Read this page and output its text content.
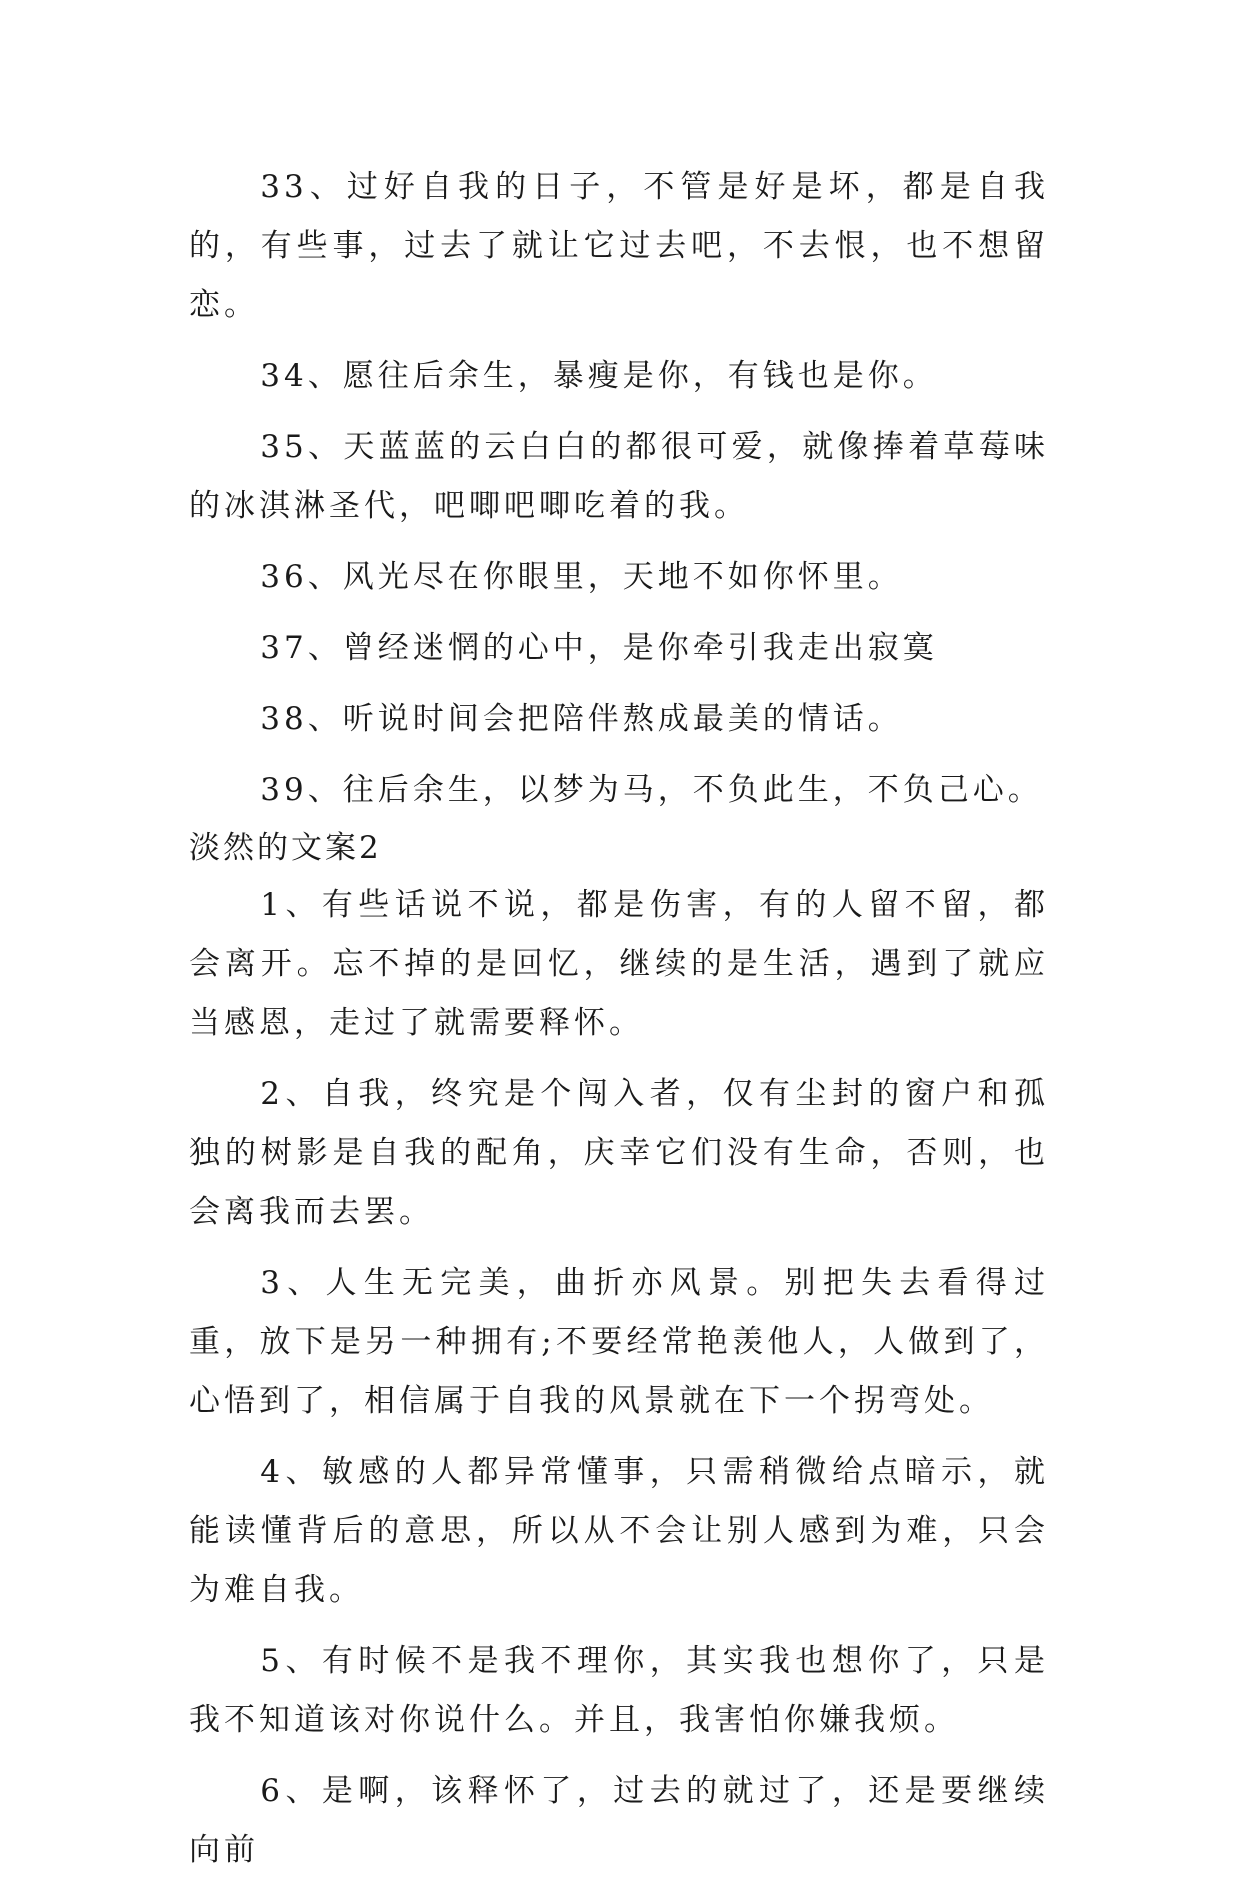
33、过好自我的日子，不管是好是坏，都是自我的，有些事，过去了就让它过去吧，不去恨，也不想留恋。

34、愿往后余生，暴瘦是你，有钱也是你。

35、天蓝蓝的云白白的都很可爱，就像捧着草莓味的冰淇淋圣代，吧唧吧唧吃着的我。

36、风光尽在你眼里，天地不如你怀里。

37、曾经迷惘的心中，是你牵引我走出寂寞

38、听说时间会把陪伴熬成最美的情话。

39、往后余生，以梦为马，不负此生，不负己心。

淡然的文案2

1、有些话说不说，都是伤害，有的人留不留，都会离开。忘不掉的是回忆，继续的是生活，遇到了就应当感恩，走过了就需要释怀。

2、自我，终究是个闯入者，仅有尘封的窗户和孤独的树影是自我的配角，庆幸它们没有生命，否则，也会离我而去罢。

3、人生无完美，曲折亦风景。别把失去看得过重，放下是另一种拥有;不要经常艳羡他人，人做到了，心悟到了，相信属于自我的风景就在下一个拐弯处。

4、敏感的人都异常懂事，只需稍微给点暗示，就能读懂背后的意思，所以从不会让别人感到为难，只会为难自我。

5、有时候不是我不理你，其实我也想你了，只是我不知道该对你说什么。并且，我害怕你嫌我烦。

6、是啊，该释怀了，过去的就过了，还是要继续向前
